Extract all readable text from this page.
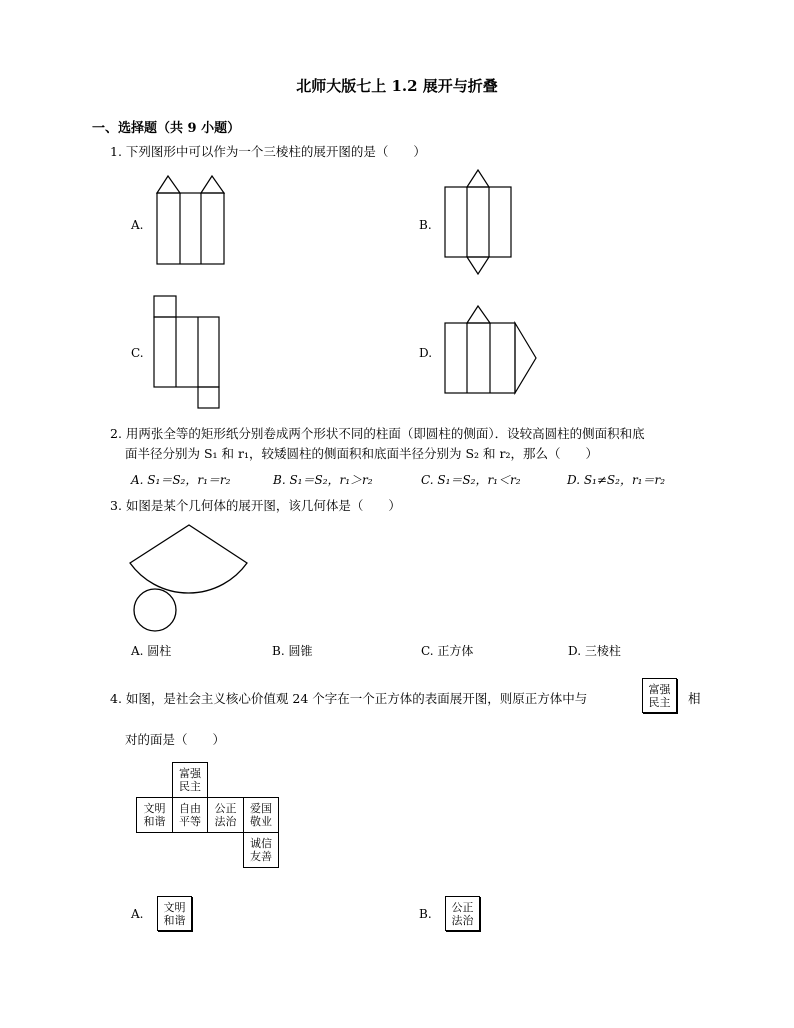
北师大版七上 1.2 展开与折叠
一、选择题（共 9 小题）
1. 下列图形中可以作为一个三棱柱的展开图的是（　　）
A.	B.
C.	D.
2. 用两张全等的矩形纸分别卷成两个形状不同的柱面（即圆柱的侧面）．设较高圆柱的侧面积和底
面半径分别为 S₁ 和 r₁，较矮圆柱的侧面积和底面半径分别为 S₂ 和 r₂，那么（　　）
A. S₁＝S₂，r₁＝r₂	B. S₁＝S₂，r₁＞r₂	C. S₁＝S₂，r₁＜r₂	D. S₁≠S₂，r₁＝r₂
3. 如图是某个几何体的展开图，该几何体是（　　）
A. 圆柱	B. 圆锥	C. 正方体	D. 三棱柱
4. 如图，是社会主义核心价值观 24 个字在一个正方体的表面展开图，则原正方体中与
富强
民主 相
对的面是（　　）
富强
民主
文明
和谐
自由
平等
公正
法治
爱国
敬业
诚信
友善
A. 文明
和谐	B. 公正
法治
